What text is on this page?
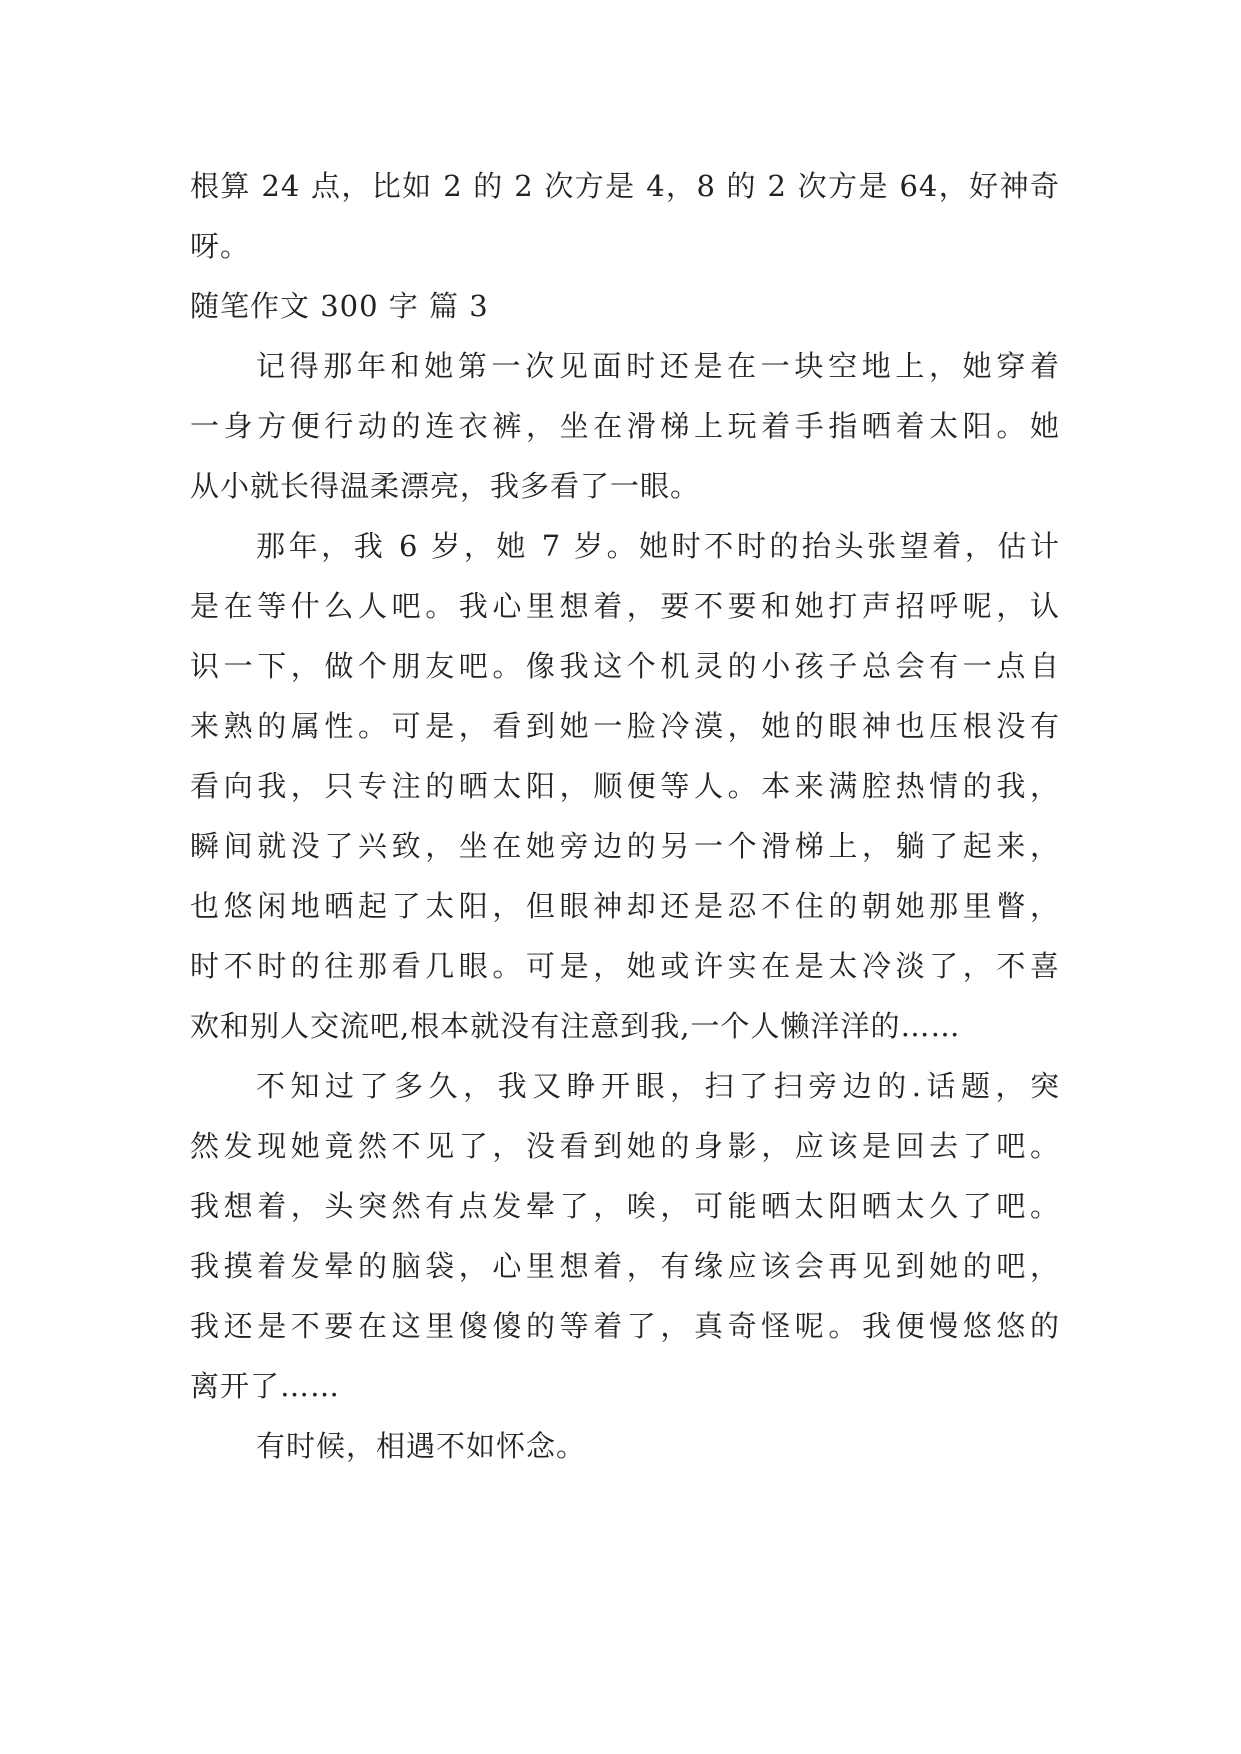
根算 24 点，比如 2 的 2 次方是 4，8 的 2 次方是 64，好神奇
呀。
随笔作文 300 字 篇 3
记得那年和她第一次见面时还是在一块空地上，她穿着
一身方便行动的连衣裤，坐在滑梯上玩着手指晒着太阳。她
从小就长得温柔漂亮，我多看了一眼。
那年，我 6 岁，她 7 岁。她时不时的抬头张望着，估计
是在等什么人吧。我心里想着，要不要和她打声招呼呢，认
识一下，做个朋友吧。像我这个机灵的小孩子总会有一点自
来熟的属性。可是，看到她一脸冷漠，她的眼神也压根没有
看向我，只专注的晒太阳，顺便等人。本来满腔热情的我，
瞬间就没了兴致，坐在她旁边的另一个滑梯上，躺了起来，
也悠闲地晒起了太阳，但眼神却还是忍不住的朝她那里瞥，
时不时的往那看几眼。可是，她或许实在是太冷淡了，不喜
欢和别人交流吧,根本就没有注意到我,一个人懒洋洋的……
不知过了多久，我又睁开眼，扫了扫旁边的.话题，突
然发现她竟然不见了，没看到她的身影，应该是回去了吧。
我想着，头突然有点发晕了，唉，可能晒太阳晒太久了吧。
我摸着发晕的脑袋，心里想着，有缘应该会再见到她的吧，
我还是不要在这里傻傻的等着了，真奇怪呢。我便慢悠悠的
离开了……
有时候，相遇不如怀念。
